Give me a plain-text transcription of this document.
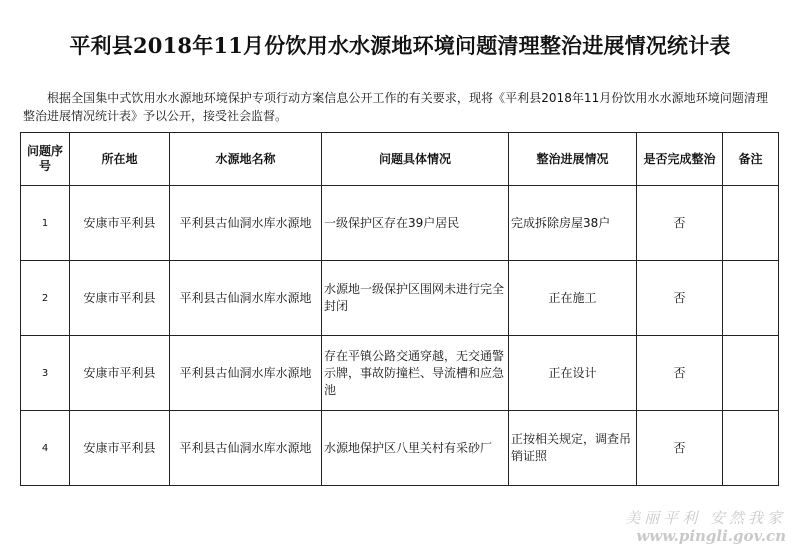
平利县2018年11月份饮用水水源地环境问题清理整治进展情况统计表
根据全国集中式饮用水水源地环境保护专项行动方案信息公开工作的有关要求，现将《平利县2018年11月份饮用水水源地环境问题清理整治进展情况统计表》予以公开，接受社会监督。
问题序号	所在地	水源地名称	问题具体情况	整治进展情况	是否完成整治	备注
1	安康市平利县	平利县古仙洞水库水源地	一级保护区存在39户居民	完成拆除房屋38户	否	
2	安康市平利县	平利县古仙洞水库水源地	水源地一级保护区围网未进行完全封闭	正在施工	否	
3	安康市平利县	平利县古仙洞水库水源地	存在平镇公路交通穿越，无交通警示牌，事故防撞栏、导流槽和应急池	正在设计	否	
4	安康市平利县	平利县古仙洞水库水源地	水源地保护区八里关村有采砂厂	正按相关规定，调查吊销证照	否	
美丽平利 安然我家
www.pingli.gov.cn
